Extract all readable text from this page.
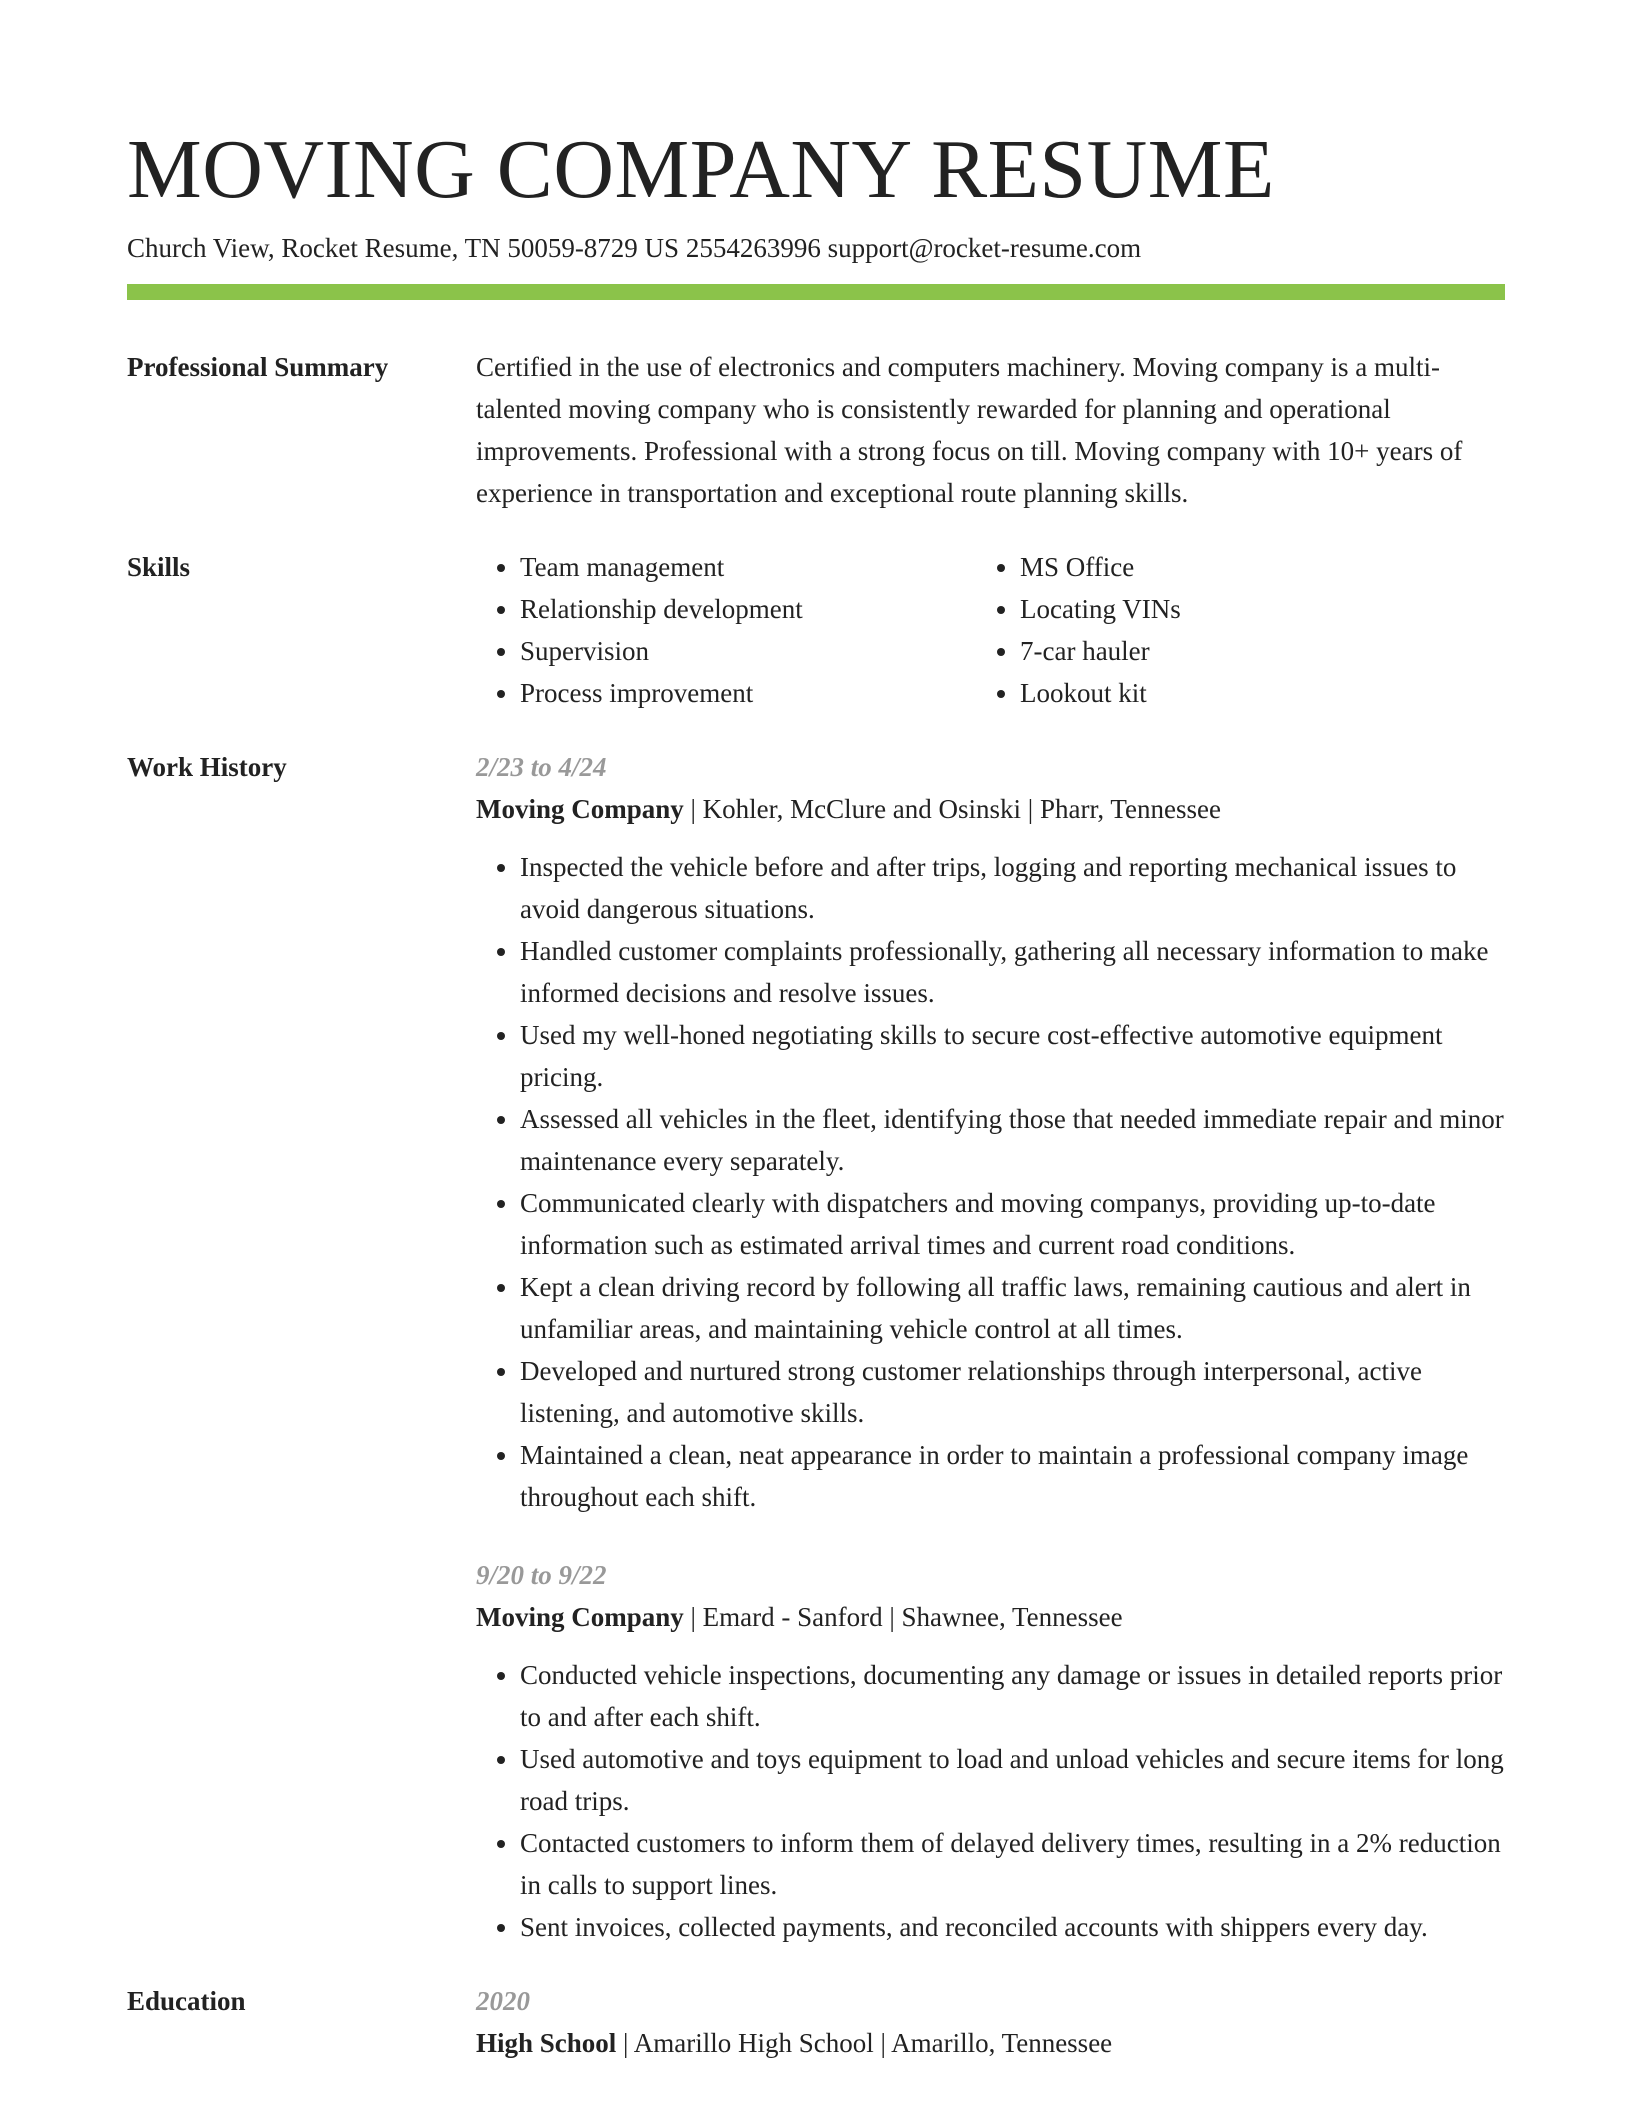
MOVING COMPANY RESUME
Church View, Rocket Resume, TN 50059-8729 US 2554263996 support@rocket-resume.com
Professional Summary	Certified in the use of electronics and computers machinery. Moving company is a multi-talented moving company who is consistently rewarded for planning and operational improvements. Professional with a strong focus on till. Moving company with 10+ years of experience in transportation and exceptional route planning skills.
Skills
•	Team management
• Relationship development
• Supervision
• Process improvement
• MS Office
• Locating VINs
• 7-car hauler
• Lookout kit
Work History	2/23 to 4/24
Moving Company | Kohler, McClure and Osinski | Pharr, Tennessee
• Inspected the vehicle before and after trips, logging and reporting mechanical issues to avoid dangerous situations.
• Handled customer complaints professionally, gathering all necessary information to make informed decisions and resolve issues.
• Used my well-honed negotiating skills to secure cost-effective automotive equipment pricing.
• Assessed all vehicles in the fleet, identifying those that needed immediate repair and minor maintenance every separately.
• Communicated clearly with dispatchers and moving companys, providing up-to-date information such as estimated arrival times and current road conditions.
• Kept a clean driving record by following all traffic laws, remaining cautious and alert in unfamiliar areas, and maintaining vehicle control at all times.
• Developed and nurtured strong customer relationships through interpersonal, active listening, and automotive skills.
• Maintained a clean, neat appearance in order to maintain a professional company image throughout each shift.
9/20 to 9/22
Moving Company | Emard - Sanford | Shawnee, Tennessee
• Conducted vehicle inspections, documenting any damage or issues in detailed reports prior to and after each shift.
• Used automotive and toys equipment to load and unload vehicles and secure items for long road trips.
• Contacted customers to inform them of delayed delivery times, resulting in a 2% reduction in calls to support lines.
• Sent invoices, collected payments, and reconciled accounts with shippers every day.
Education	2020
High School | Amarillo High School | Amarillo, Tennessee
